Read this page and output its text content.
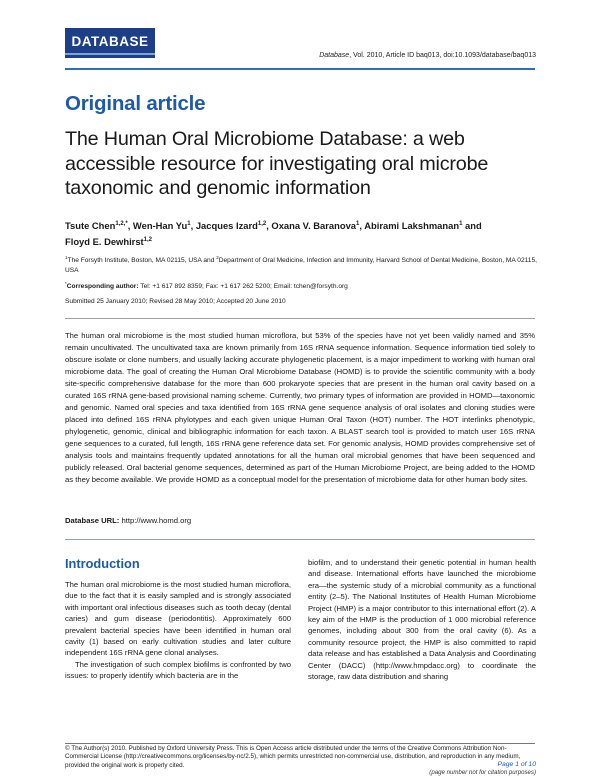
DATABASE
Database, Vol. 2010, Article ID baq013, doi:10.1093/database/baq013
Original article
The Human Oral Microbiome Database: a web accessible resource for investigating oral microbe taxonomic and genomic information
Tsute Chen$^{1,2,*}$, Wen-Han Yu$^1$, Jacques Izard$^{1,2}$, Oxana V. Baranova$^1$, Abirami Lakshmanan$^1$ and
Floyd E. Dewhirst$^{1,2}$
$^1$The Forsyth Institute, Boston, MA 02115, USA and $^2$Department of Oral Medicine, Infection and Immunity, Harvard School of Dental Medicine, Boston, MA 02115, USA
*Corresponding author: Tel: +1 617 892 8359; Fax: +1 617 262 5200; Email: tchen@forsyth.org
Submitted 25 January 2010; Revised 28 May 2010; Accepted 20 June 2010
The human oral microbiome is the most studied human microflora, but 53% of the species have not yet been validly named and 35% remain uncultivated. The uncultivated taxa are known primarily from 16S rRNA sequence information. Sequence information tied solely to obscure isolate or clone numbers, and usually lacking accurate phylogenetic placement, is a major impediment to working with human oral microbiome data. The goal of creating the Human Oral Microbiome Database (HOMD) is to provide the scientific community with a body site-specific comprehensive database for the more than 600 prokaryote species that are present in the human oral cavity based on a curated 16S rRNA gene-based provisional naming scheme. Currently, two primary types of information are provided in HOMD—taxonomic and genomic. Named oral species and taxa identified from 16S rRNA gene sequence analysis of oral isolates and cloning studies were placed into defined 16S rRNA phylotypes and each given unique Human Oral Taxon (HOT) number. The HOT interlinks phenotypic, phylogenetic, genomic, clinical and bibliographic information for each taxon. A BLAST search tool is provided to match user 16S rRNA gene sequences to a curated, full length, 16S rRNA gene reference data set. For genomic analysis, HOMD provides comprehensive set of analysis tools and maintains frequently updated annotations for all the human oral microbial genomes that have been sequenced and publicly released. Oral bacterial genome sequences, determined as part of the Human Microbiome Project, are being added to the HOMD as they become available. We provide HOMD as a conceptual model for the presentation of microbiome data for other human body sites.
Database URL: http://www.homd.org
Introduction

The human oral microbiome is the most studied human microflora, due to the fact that it is easily sampled and is strongly associated with important oral infectious diseases such as tooth decay (dental caries) and gum disease (periodontitis). Approximately 600 prevalent bacterial species have been identified in human oral cavity (1) based on early cultivation studies and later culture independent 16S rRNA gene clonal analyses.

The investigation of such complex biofilms is confronted by two issues: to properly identify which bacteria are in the

biofilm, and to understand their genetic potential in human health and disease. International efforts have launched the microbiome era—the systemic study of a microbial community as a functional entity (2–5). The National Institutes of Health Human Microbiome Project (HMP) is a major contributor to this international effort (2). A key aim of the HMP is the production of 1 000 microbial reference genomes, including about 300 from the oral cavity (6). As a community resource project, the HMP is also committed to rapid data release and has established a Data Analysis and Coordinating Center (DACC) (http://www.hmpdacc.org) to coordinate the storage, raw data distribution and sharing

© The Author(s) 2010. Published by Oxford University Press. This is Open Access article distributed under the terms of the Creative Commons Attribution Non-Commercial License (http://creativecommons.org/licenses/by-nc/2.5), which permits unrestricted non-commercial use, distribution, and reproduction in any medium, provided the original work is properly cited.	Page 1 of 10
(page number not for citation purposes)
